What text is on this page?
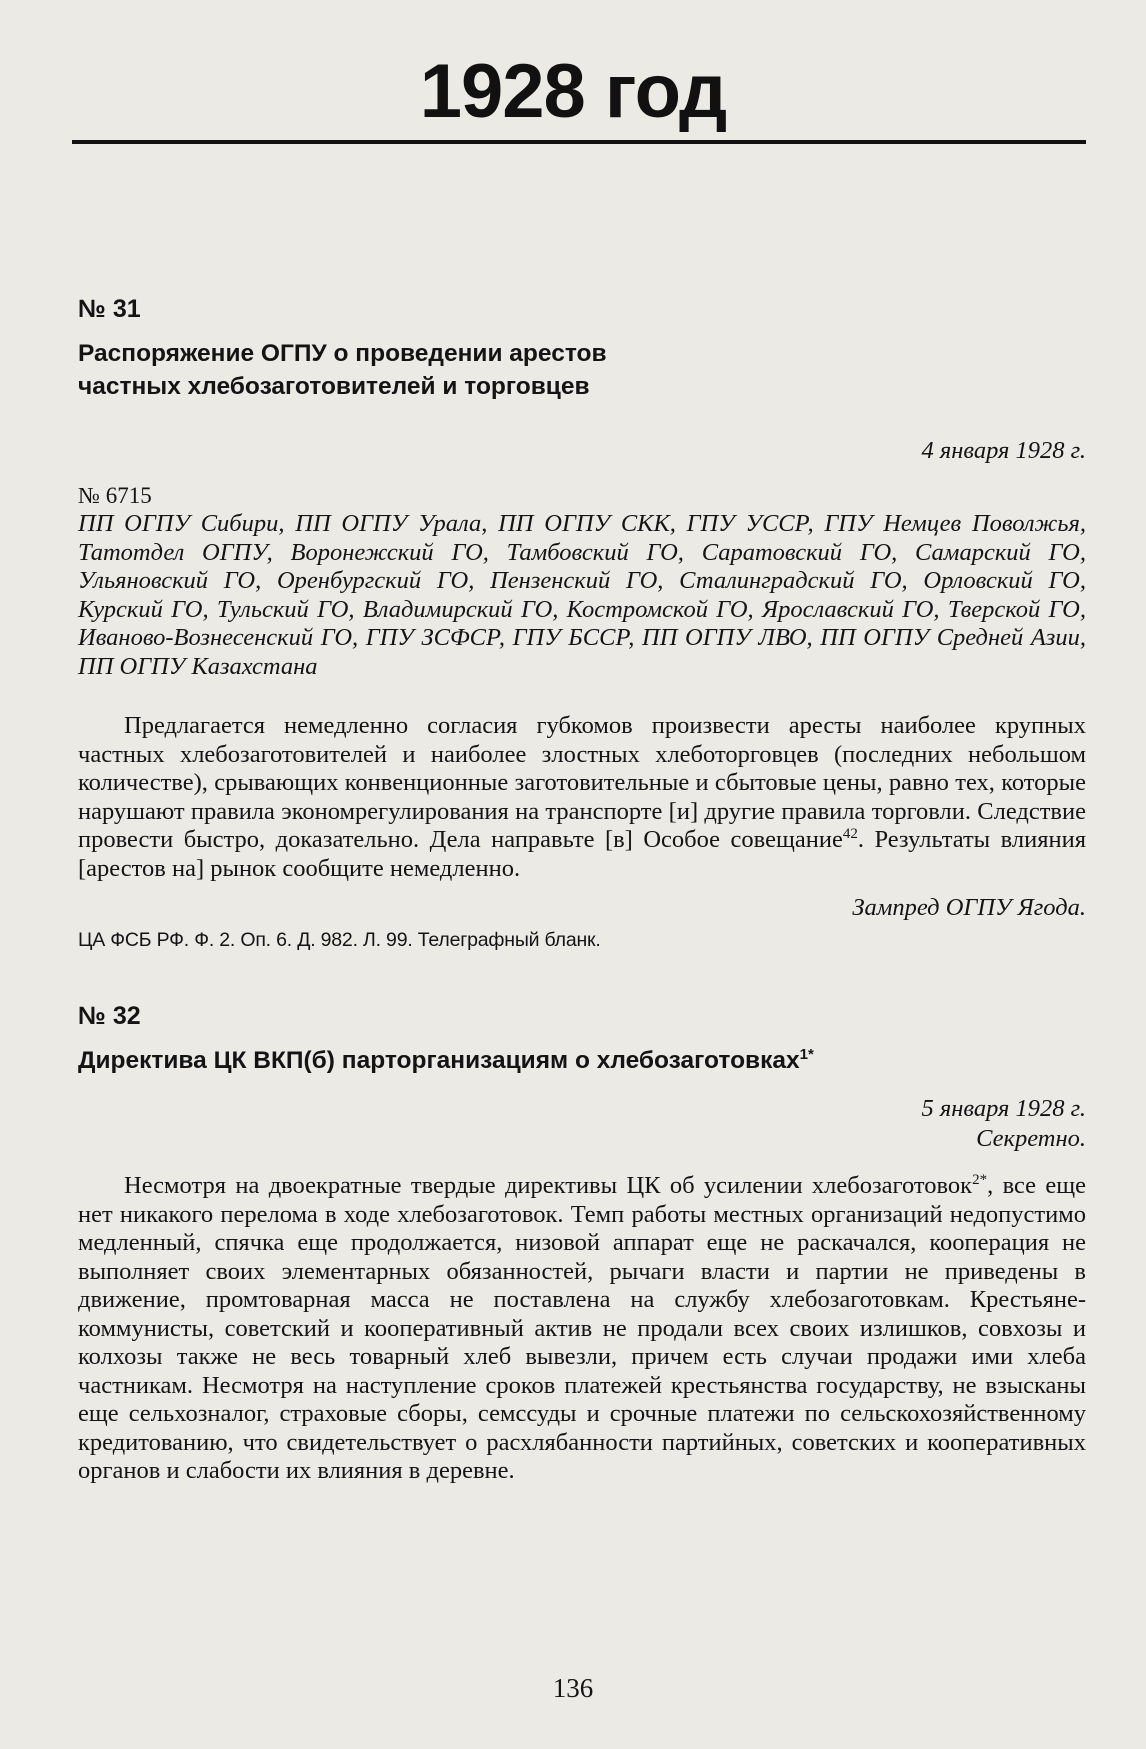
1928 год

№ 31

Распоряжение ОГПУ о проведении арестов

частных хлебозаготовителей и торговцев

4 января 1928 г.

№ 6715

ПП ОГПУ Сибири, ПП ОГПУ Урала, ПП ОГПУ СКК, ГПУ УССР, ГПУ Немцев Поволжья, Татотдел ОГПУ, Воронежский ГО, Тамбовский ГО, Саратовский ГО, Самарский ГО, Ульяновский ГО, Оренбургский ГО, Пензенский ГО, Сталинградский ГО, Орловский ГО, Курский ГО, Тульский ГО, Владимирский ГО, Костромской ГО, Ярославский ГО, Тверской ГО, Иваново-Вознесенский ГО, ГПУ ЗСФСР, ГПУ БССР, ПП ОГПУ ЛВО, ПП ОГПУ Средней Азии, ПП ОГПУ Казахстана

Предлагается немедленно согласия губкомов произвести аресты наиболее крупных частных хлебозаготовителей и наиболее злостных хлеботорговцев (последних небольшом количестве), срывающих конвенционные заготовительные и сбытовые цены, равно тех, которые нарушают правила экономрегулирования на транспорте [и] другие правила торговли. Следствие провести быстро, доказательно. Дела направьте [в] Особое совещание$^{42}$. Результаты влияния [арестов на] рынок сообщите немедленно.

Зампред ОГПУ Ягода.

ЦА ФСБ РФ. Ф. 2. Оп. 6. Д. 982. Л. 99. Телеграфный бланк.

№ 32

Директива ЦК ВКП(б) парторганизациям о хлебозаготовках$^{1*}$

5 января 1928 г.

Секретно.

Несмотря на двоекратные твердые директивы ЦК об усилении хлебозаготовок$^{2*}$, все еще нет никакого перелома в ходе хлебозаготовок. Темп работы местных организаций недопустимо медленный, спячка еще продолжается, низовой аппарат еще не раскачался, кооперация не выполняет своих элементарных обязанностей, рычаги власти и партии не приведены в движение, промтоварная масса не поставлена на службу хлебозаготовкам. Крестьяне-коммунисты, советский и кооперативный актив не продали всех своих излишков, совхозы и колхозы также не весь товарный хлеб вывезли, причем есть случаи продажи ими хлеба частникам. Несмотря на наступление сроков платежей крестьянства государству, не взысканы еще сельхозналог, страховые сборы, семссуды и срочные платежи по сельскохозяйственному кредитованию, что свидетельствует о расхлябанности партийных, советских и кооперативных органов и слабости их влияния в деревне.

136
